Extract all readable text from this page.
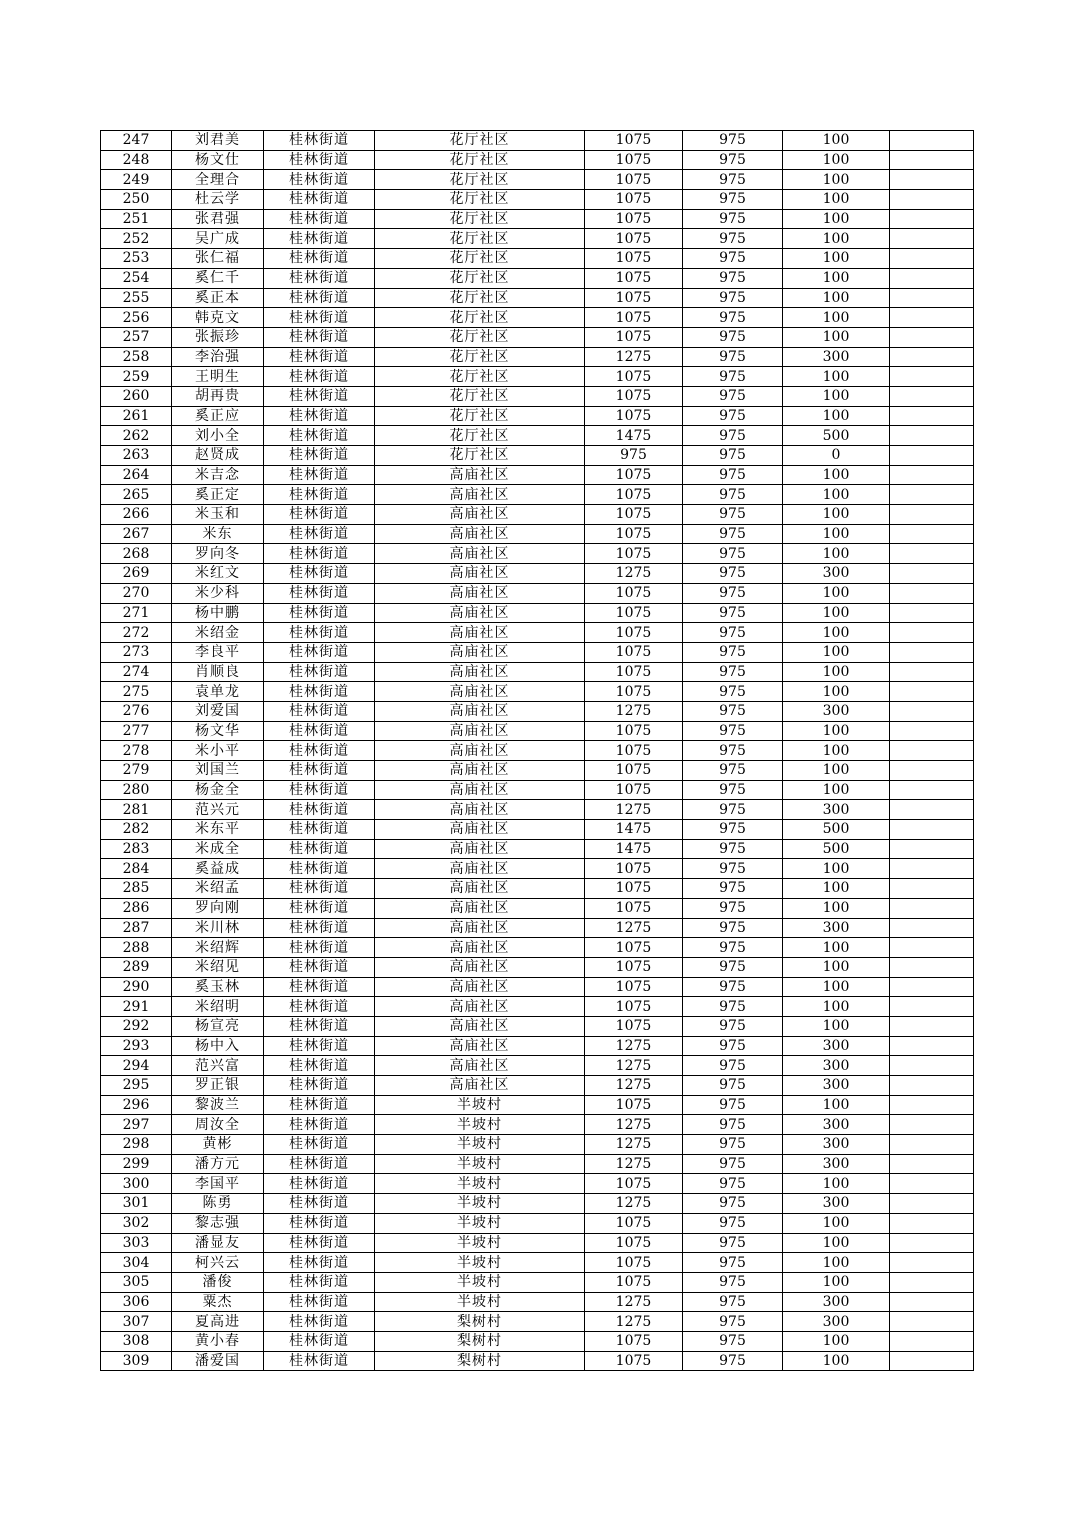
247	刘君美	桂林街道	花厅社区	1075	975	100	
248	杨文仕	桂林街道	花厅社区	1075	975	100	
249	全理合	桂林街道	花厅社区	1075	975	100	
250	杜云学	桂林街道	花厅社区	1075	975	100	
251	张君强	桂林街道	花厅社区	1075	975	100	
252	吴广成	桂林街道	花厅社区	1075	975	100	
253	张仁福	桂林街道	花厅社区	1075	975	100	
254	奚仁千	桂林街道	花厅社区	1075	975	100	
255	奚正本	桂林街道	花厅社区	1075	975	100	
256	韩克文	桂林街道	花厅社区	1075	975	100	
257	张振珍	桂林街道	花厅社区	1075	975	100	
258	李治强	桂林街道	花厅社区	1275	975	300	
259	王明生	桂林街道	花厅社区	1075	975	100	
260	胡再贵	桂林街道	花厅社区	1075	975	100	
261	奚正应	桂林街道	花厅社区	1075	975	100	
262	刘小全	桂林街道	花厅社区	1475	975	500	
263	赵贤成	桂林街道	花厅社区	975	975	0	
264	米吉念	桂林街道	高庙社区	1075	975	100	
265	奚正定	桂林街道	高庙社区	1075	975	100	
266	米玉和	桂林街道	高庙社区	1075	975	100	
267	米东	桂林街道	高庙社区	1075	975	100	
268	罗向冬	桂林街道	高庙社区	1075	975	100	
269	米红文	桂林街道	高庙社区	1275	975	300	
270	米少科	桂林街道	高庙社区	1075	975	100	
271	杨中鹏	桂林街道	高庙社区	1075	975	100	
272	米绍金	桂林街道	高庙社区	1075	975	100	
273	李良平	桂林街道	高庙社区	1075	975	100	
274	肖顺良	桂林街道	高庙社区	1075	975	100	
275	袁单龙	桂林街道	高庙社区	1075	975	100	
276	刘爱国	桂林街道	高庙社区	1275	975	300	
277	杨文华	桂林街道	高庙社区	1075	975	100	
278	米小平	桂林街道	高庙社区	1075	975	100	
279	刘国兰	桂林街道	高庙社区	1075	975	100	
280	杨金全	桂林街道	高庙社区	1075	975	100	
281	范兴元	桂林街道	高庙社区	1275	975	300	
282	米东平	桂林街道	高庙社区	1475	975	500	
283	米成全	桂林街道	高庙社区	1475	975	500	
284	奚益成	桂林街道	高庙社区	1075	975	100	
285	米绍孟	桂林街道	高庙社区	1075	975	100	
286	罗向刚	桂林街道	高庙社区	1075	975	100	
287	米川林	桂林街道	高庙社区	1275	975	300	
288	米绍辉	桂林街道	高庙社区	1075	975	100	
289	米绍见	桂林街道	高庙社区	1075	975	100	
290	奚玉林	桂林街道	高庙社区	1075	975	100	
291	米绍明	桂林街道	高庙社区	1075	975	100	
292	杨宣亮	桂林街道	高庙社区	1075	975	100	
293	杨中入	桂林街道	高庙社区	1275	975	300	
294	范兴富	桂林街道	高庙社区	1275	975	300	
295	罗正银	桂林街道	高庙社区	1275	975	300	
296	黎波兰	桂林街道	半坡村	1075	975	100	
297	周汝全	桂林街道	半坡村	1275	975	300	
298	黄彬	桂林街道	半坡村	1275	975	300	
299	潘方元	桂林街道	半坡村	1275	975	300	
300	李国平	桂林街道	半坡村	1075	975	100	
301	陈勇	桂林街道	半坡村	1275	975	300	
302	黎志强	桂林街道	半坡村	1075	975	100	
303	潘显友	桂林街道	半坡村	1075	975	100	
304	柯兴云	桂林街道	半坡村	1075	975	100	
305	潘俊	桂林街道	半坡村	1075	975	100	
306	粟杰	桂林街道	半坡村	1275	975	300	
307	夏高进	桂林街道	梨树村	1275	975	300	
308	黄小春	桂林街道	梨树村	1075	975	100	
309	潘爱国	桂林街道	梨树村	1075	975	100	
